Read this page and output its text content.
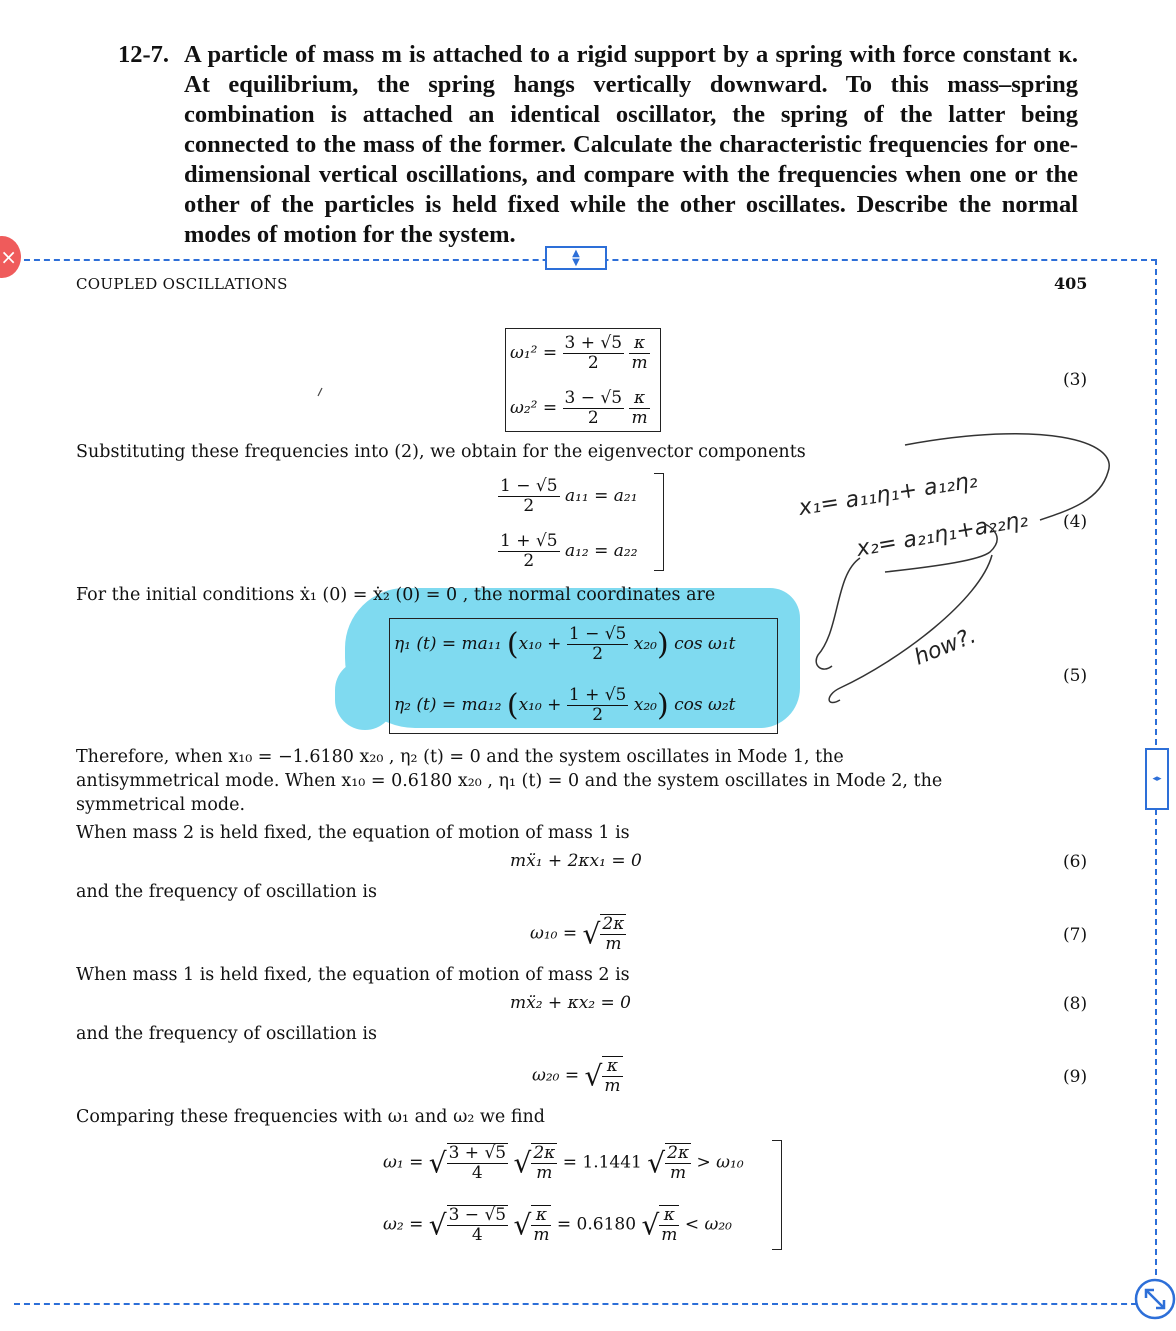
12-7. A particle of mass m is attached to a rigid support by a spring with force constant κ. At equilibrium, the spring hangs vertically downward. To this mass–spring combination is attached an identical oscillator, the spring of the latter being connected to the mass of the former. Calculate the characteristic frequencies for one-dimensional vertical oscillations, and compare with the frequencies when one or the other of the particles is held fixed while the other oscillates. Describe the normal modes of motion for the system.
×	▲
▼
◂▸
COUPLED OSCILLATIONS	405
$\omega_1^2 = \frac{3 + √5}{2}$
$\frac{\kappa}{m}$
$\omega_2^2 = \frac{3 - √5}{2}$
$\frac{\kappa}{m}$
(3)
Substituting these frequencies into (2), we obtain for the eigenvector components
$\frac{1 - √5}{2} a_{11} = a_{21}$
$\frac{1 + √5}{2} a_{12} = a_{22}$
(4)
For the initial conditions ẋ₁ (0) = ẋ₂ (0) = 0 , the normal coordinates are
η₁ (t) = ma₁₁ $(x_{10} + \frac{1 - √5}{2} x_{20})$ cos ω₁t
η₂ (t) = ma₁₂ $(x_{10} + \frac{1 + √5}{2} x_{20})$ cos ω₂t
(5)
Therefore, when x₁₀ = −1.6180 x₂₀ , η₂ (t) = 0 and the system oscillates in Mode 1, the
antisymmetrical mode. When x₁₀ = 0.6180 x₂₀ , η₁ (t) = 0 and the system oscillates in Mode 2, the
symmetrical mode.
When mass 2 is held fixed, the equation of motion of mass 1 is
mẍ₁ + 2κx₁ = 0	(6)
and the frequency of oscillation is
ω₁₀ = √ $\frac{2\kappa}{m}$	(7)
When mass 1 is held fixed, the equation of motion of mass 2 is
mẍ₂ + κx₂ = 0	(8)
and the frequency of oscillation is
ω₂₀ = √ $\frac{\kappa}{m}$	(9)
Comparing these frequencies with ω₁ and ω₂ we find
ω₁ = √ $\frac{3 + √5}{4}$ √ $\frac{2\kappa}{m} = 1.1441$ √ $\frac{2\kappa}{m} > \omega_{10}$
ω₂ = √ $\frac{3 - √5}{4}$ √ $\frac{\kappa}{m} = 0.6180$ √ $\frac{\kappa}{m} < \omega_{20}$
x₁= a₁₁η₁+ a₁₂η₂
x₂= a₂₁η₁+a₂₂η₂
how?.
